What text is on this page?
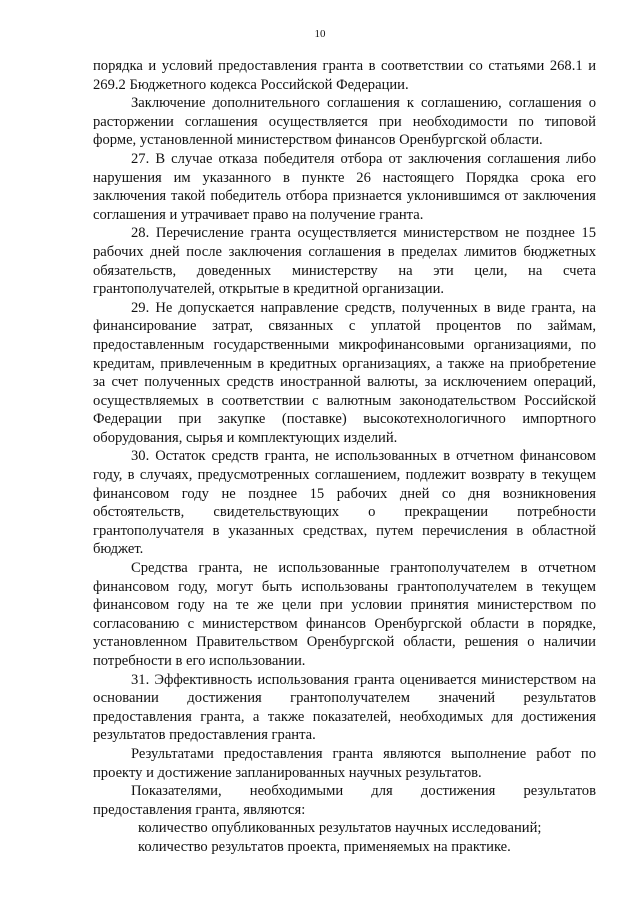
10

порядка и условий предоставления гранта в соответствии со статьями 268.1 и 269.2 Бюджетного кодекса Российской Федерации.

Заключение дополнительного соглашения к соглашению, соглашения о расторжении соглашения осуществляется при необходимости по типовой форме, установленной министерством финансов Оренбургской области.

27. В случае отказа победителя отбора от заключения соглашения либо нарушения им указанного в пункте 26 настоящего Порядка срока его заключения такой победитель отбора признается уклонившимся от заключения соглашения и утрачивает право на получение гранта.

28. Перечисление гранта осуществляется министерством не позднее 15 рабочих дней после заключения соглашения в пределах лимитов бюджетных обязательств, доведенных министерству на эти цели, на счета грантополучателей, открытые в кредитной организации.

29. Не допускается направление средств, полученных в виде гранта, на финансирование затрат, связанных с уплатой процентов по займам, предоставленным государственными микрофинансовыми организациями, по кредитам, привлеченным в кредитных организациях, а также на приобретение за счет полученных средств иностранной валюты, за исключением операций, осуществляемых в соответствии с валютным законодательством Российской Федерации при закупке (поставке) высокотехнологичного импортного оборудования, сырья и комплектующих изделий.

30. Остаток средств гранта, не использованных в отчетном финансовом году, в случаях, предусмотренных соглашением, подлежит возврату в текущем финансовом году не позднее 15 рабочих дней со дня возникновения обстоятельств, свидетельствующих о прекращении потребности грантополучателя в указанных средствах, путем перечисления в областной бюджет.

Средства гранта, не использованные грантополучателем в отчетном финансовом году, могут быть использованы грантополучателем в текущем финансовом году на те же цели при условии принятия министерством по согласованию с министерством финансов Оренбургской области в порядке, установленном Правительством Оренбургской области, решения о наличии потребности в его использовании.

31. Эффективность использования гранта оценивается министерством на основании достижения грантополучателем значений результатов предоставления гранта, а также показателей, необходимых для достижения результатов предоставления гранта.

Результатами предоставления гранта являются выполнение работ по проекту и достижение запланированных научных результатов.

Показателями, необходимыми для достижения результатов предоставления гранта, являются:

количество опубликованных результатов научных исследований;

количество результатов проекта, применяемых на практике.
